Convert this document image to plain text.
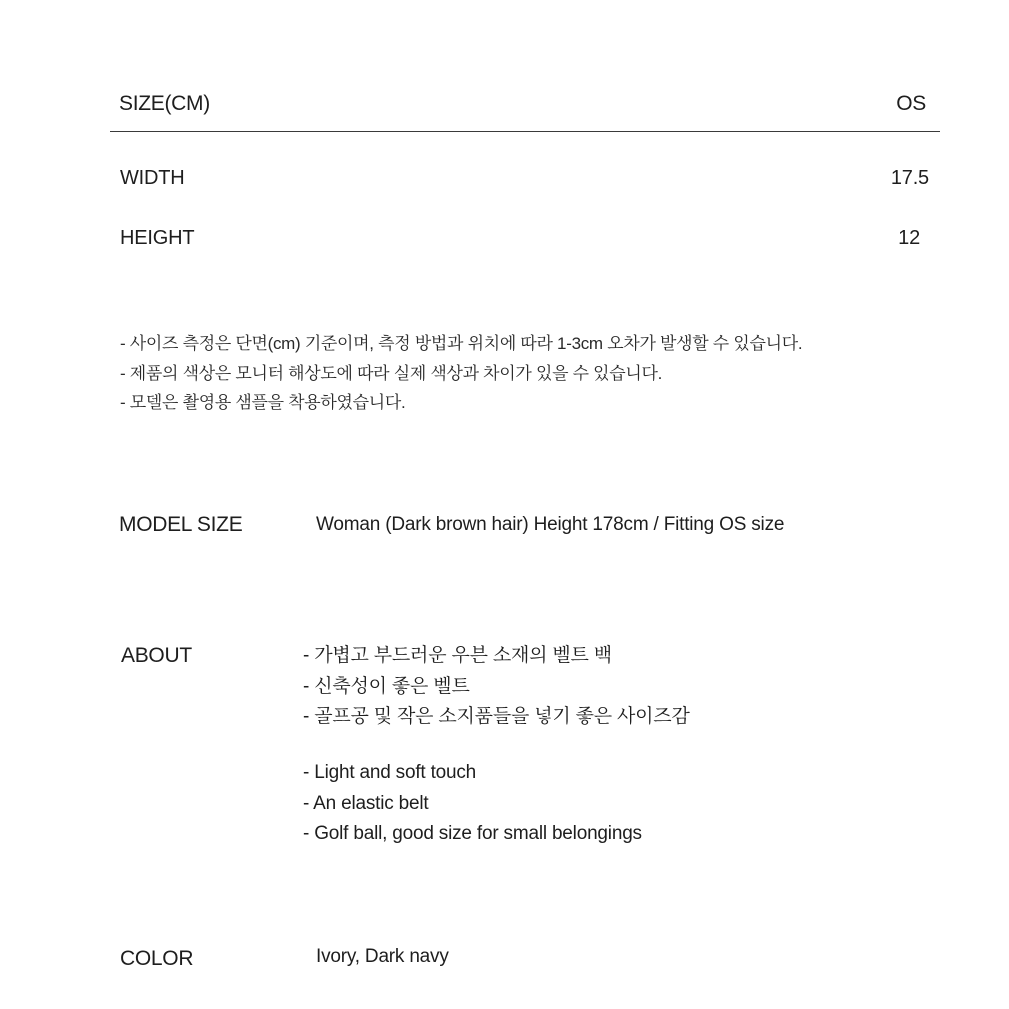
SIZE(CM)	OS
WIDTH	17.5
HEIGHT	12
- 사이즈 측정은 단면(cm) 기준이며, 측정 방법과 위치에 따라 1-3cm 오차가 발생할 수 있습니다.
- 제품의 색상은 모니터 해상도에 따라 실제 색상과 차이가 있을 수 있습니다.
- 모델은 촬영용 샘플을 착용하였습니다.
MODEL SIZE	Woman (Dark brown hair) Height 178cm / Fitting OS size
ABOUT	- 가볍고 부드러운 우븐 소재의 벨트 백
- 신축성이 좋은 벨트
- 골프공 및 작은 소지품들을 넣기 좋은 사이즈감
- Light and soft touch
- An elastic belt
- Golf ball, good size for small belongings
COLOR	Ivory, Dark navy
